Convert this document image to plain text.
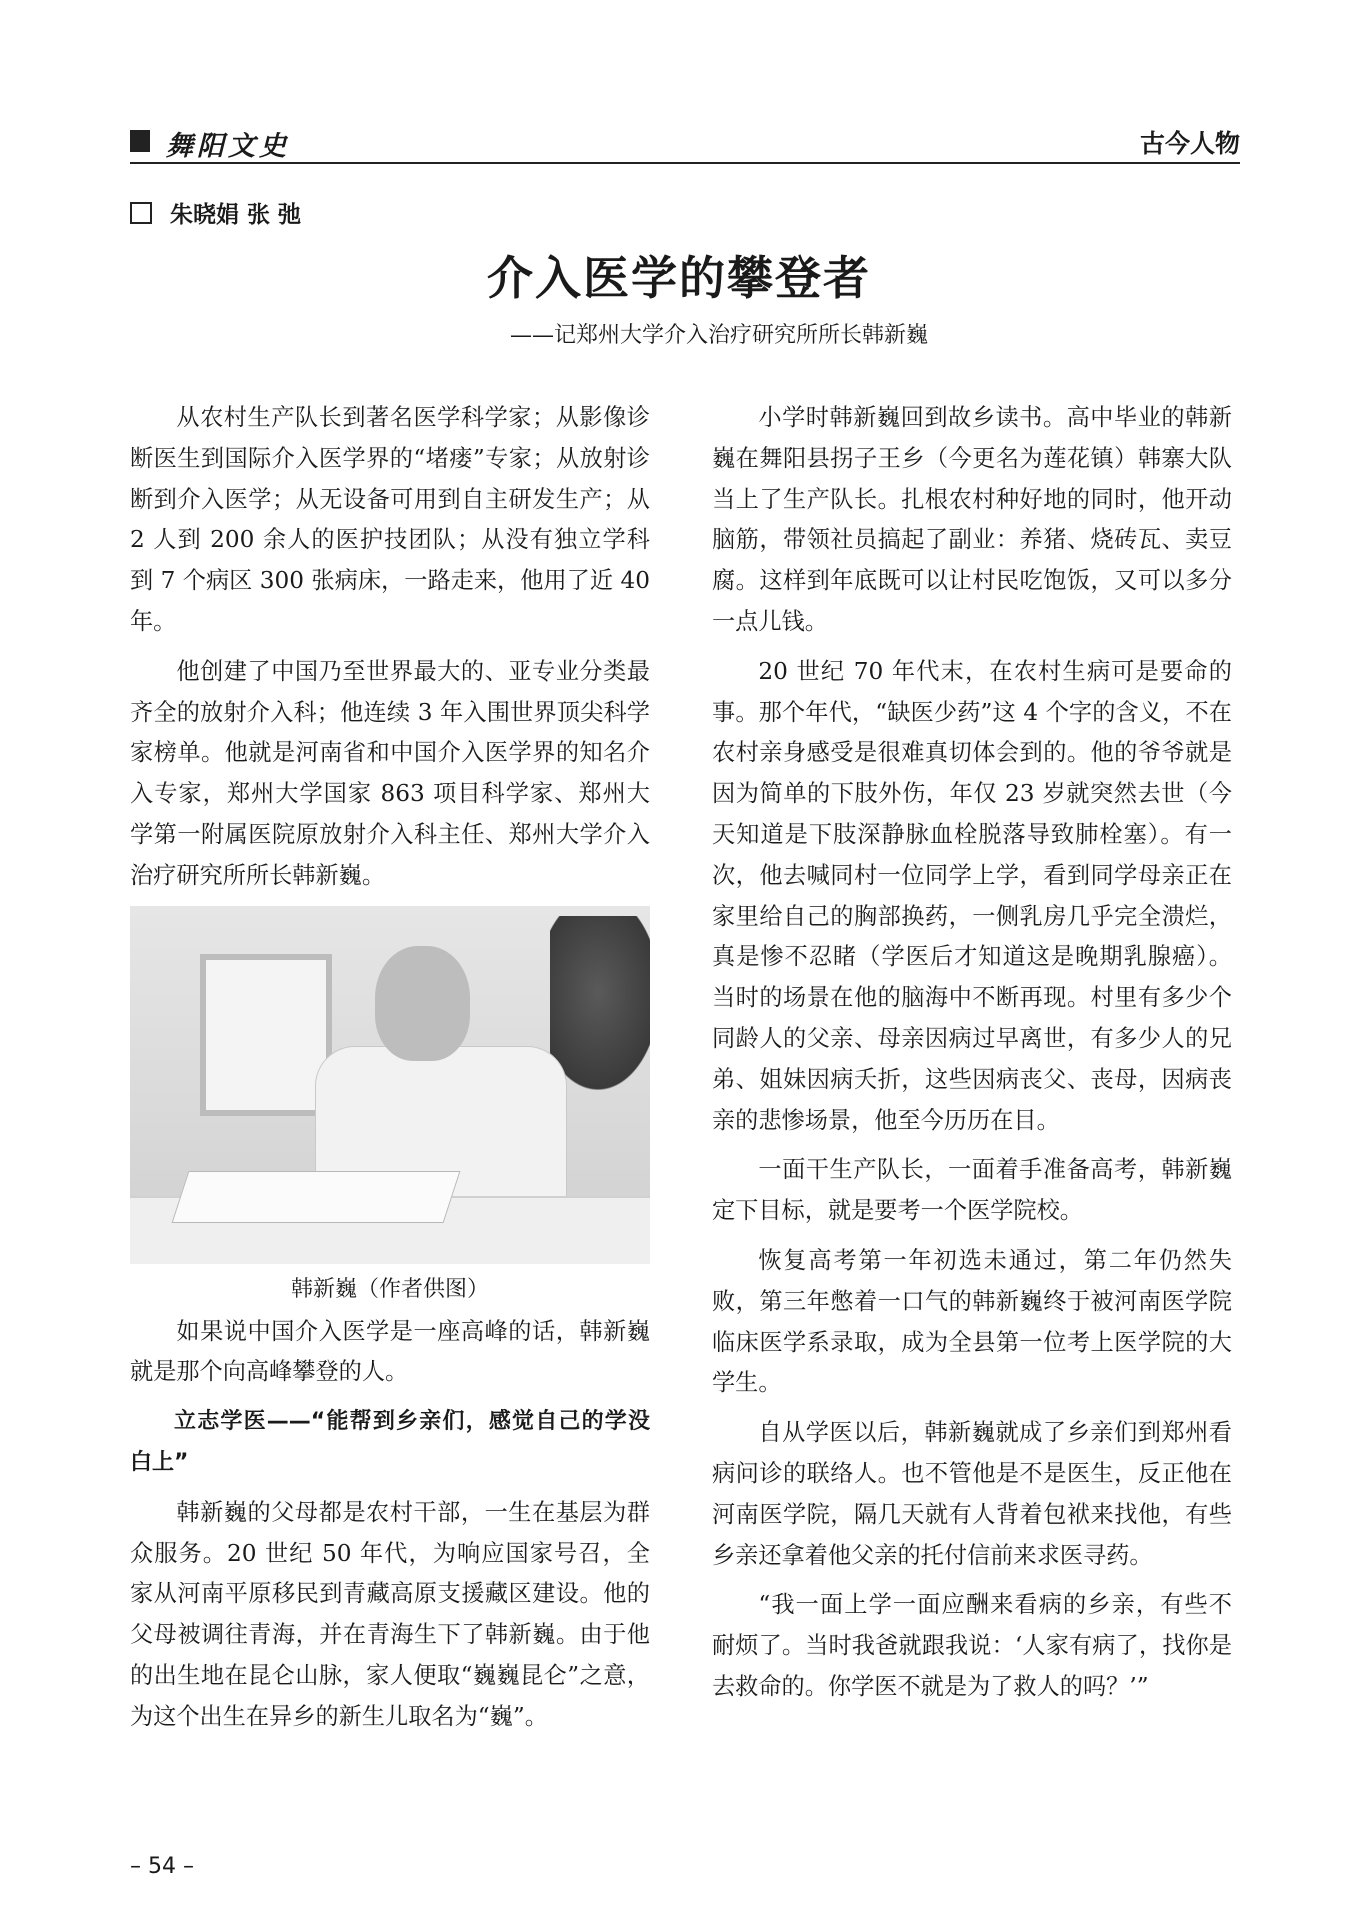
舞阳文史	古今人物
朱晓娟 张 弛
介入医学的攀登者
——记郑州大学介入治疗研究所所长韩新巍

从农村生产队长到著名医学科学家；从影像诊断医生到国际介入医学界的“堵瘘”专家；从放射诊断到介入医学；从无设备可用到自主研发生产；从 2 人到 200 余人的医护技团队；从没有独立学科到 7 个病区 300 张病床，一路走来，他用了近 40 年。

他创建了中国乃至世界最大的、亚专业分类最齐全的放射介入科；他连续 3 年入围世界顶尖科学家榜单。他就是河南省和中国介入医学界的知名介入专家，郑州大学国家 863 项目科学家、郑州大学第一附属医院原放射介入科主任、郑州大学介入治疗研究所所长韩新巍。

韩新巍（作者供图）

如果说中国介入医学是一座高峰的话，韩新巍就是那个向高峰攀登的人。

立志学医——“能帮到乡亲们，感觉自己的学没白上”

韩新巍的父母都是农村干部，一生在基层为群众服务。20 世纪 50 年代，为响应国家号召，全家从河南平原移民到青藏高原支援藏区建设。他的父母被调往青海，并在青海生下了韩新巍。由于他的出生地在昆仑山脉，家人便取“巍巍昆仑”之意，为这个出生在异乡的新生儿取名为“巍”。

小学时韩新巍回到故乡读书。高中毕业的韩新巍在舞阳县拐子王乡（今更名为莲花镇）韩寨大队当上了生产队长。扎根农村种好地的同时，他开动脑筋，带领社员搞起了副业：养猪、烧砖瓦、卖豆腐。这样到年底既可以让村民吃饱饭，又可以多分一点儿钱。

20 世纪 70 年代末，在农村生病可是要命的事。那个年代，“缺医少药”这 4 个字的含义，不在农村亲身感受是很难真切体会到的。他的爷爷就是因为简单的下肢外伤，年仅 23 岁就突然去世（今天知道是下肢深静脉血栓脱落导致肺栓塞）。有一次，他去喊同村一位同学上学，看到同学母亲正在家里给自己的胸部换药，一侧乳房几乎完全溃烂，真是惨不忍睹（学医后才知道这是晚期乳腺癌）。当时的场景在他的脑海中不断再现。村里有多少个同龄人的父亲、母亲因病过早离世，有多少人的兄弟、姐妹因病夭折，这些因病丧父、丧母，因病丧亲的悲惨场景，他至今历历在目。

一面干生产队长，一面着手准备高考，韩新巍定下目标，就是要考一个医学院校。

恢复高考第一年初选未通过，第二年仍然失败，第三年憋着一口气的韩新巍终于被河南医学院临床医学系录取，成为全县第一位考上医学院的大学生。

自从学医以后，韩新巍就成了乡亲们到郑州看病问诊的联络人。也不管他是不是医生，反正他在河南医学院，隔几天就有人背着包袱来找他，有些乡亲还拿着他父亲的托付信前来求医寻药。

“我一面上学一面应酬来看病的乡亲，有些不耐烦了。当时我爸就跟我说：‘人家有病了，找你是去救命的。你学医不就是为了救人的吗？’”

– 54 –
